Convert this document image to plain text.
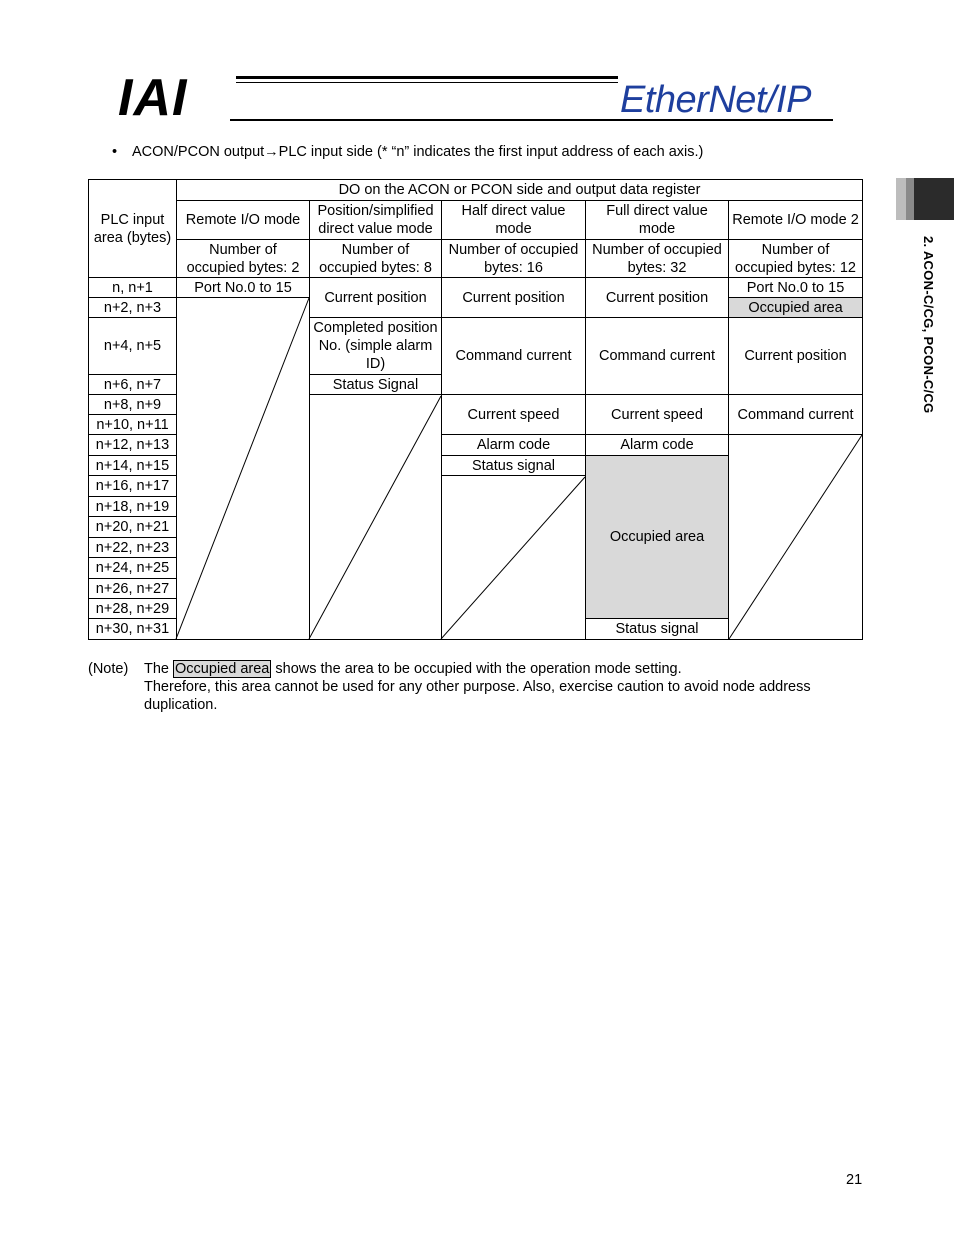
IAI	EtherNet/IP
2. ACON-C/CG, PCON-C/CG
• ACON/PCON output→PLC input side (* “n” indicates the first input address of each axis.)
PLC input area (bytes)	DO on the ACON or PCON side and output data register				
	Remote I/O mode	Position/simplified direct value mode	Half direct value mode	Full direct value mode	Remote I/O mode 2
	Number of occupied bytes: 2	Number of occupied bytes: 8	Number of occupied bytes: 16	Number of occupied bytes: 32	Number of occupied bytes: 12
n, n+1	Port No.0 to 15	Current position	Current position	Current position	Port No.0 to 15
n+2, n+3					Occupied area
n+4, n+5		Completed position No. (simple alarm ID)	Command current	Command current	Current position
n+6, n+7		Status Signal			
n+8, n+9			Current speed	Current speed	Command current
n+10, n+11					
n+12, n+13			Alarm code	Alarm code	
n+14, n+15			Status signal	Occupied area	
n+16, n+17					
n+18, n+19					
n+20, n+21					
n+22, n+23					
n+24, n+25					
n+26, n+27					
n+28, n+29					
n+30, n+31				Status signal	
(Note) The Occupied area shows the area to be occupied with the operation mode setting.
Therefore, this area cannot be used for any other purpose. Also, exercise caution to avoid node address duplication.
21
